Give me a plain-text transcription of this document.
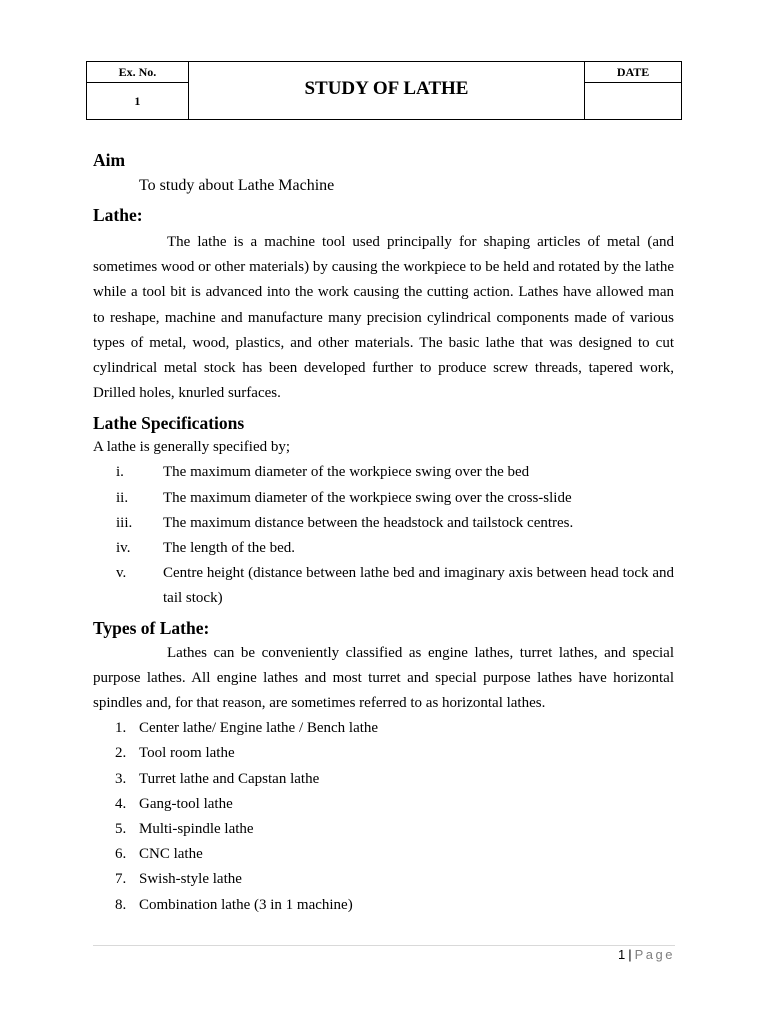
Ex. No.	STUDY OF LATHE	DATE
1		
Aim
To study about Lathe Machine
Lathe:

The lathe is a machine tool used principally for shaping articles of metal (and sometimes wood or other materials) by causing the workpiece to be held and rotated by the lathe while a tool bit is advanced into the work causing the cutting action. Lathes have allowed man to reshape, machine and manufacture many precision cylindrical components made of various types of metal, wood, plastics, and other materials. The basic lathe that was designed to cut cylindrical metal stock has been developed further to produce screw threads, tapered work, Drilled holes, knurled surfaces.

Lathe Specifications
A lathe is generally specified by;
i.	The maximum diameter of the workpiece swing over the bed
ii.	The maximum diameter of the workpiece swing over the cross-slide
iii.	The maximum distance between the headstock and tailstock centres.
iv.	The length of the bed.
v.	Centre height (distance between lathe bed and imaginary axis between head tock and tail stock)
Types of Lathe:

Lathes can be conveniently classified as engine lathes, turret lathes, and special purpose lathes. All engine lathes and most turret and special purpose lathes have horizontal spindles and, for that reason, are sometimes referred to as horizontal lathes.

1. Center lathe/ Engine lathe / Bench lathe
2. Tool room lathe
3. Turret lathe and Capstan lathe
4. Gang-tool lathe
5. Multi-spindle lathe
6. CNC lathe
7. Swish-style lathe
8. Combination lathe (3 in 1 machine)
1 | Page
